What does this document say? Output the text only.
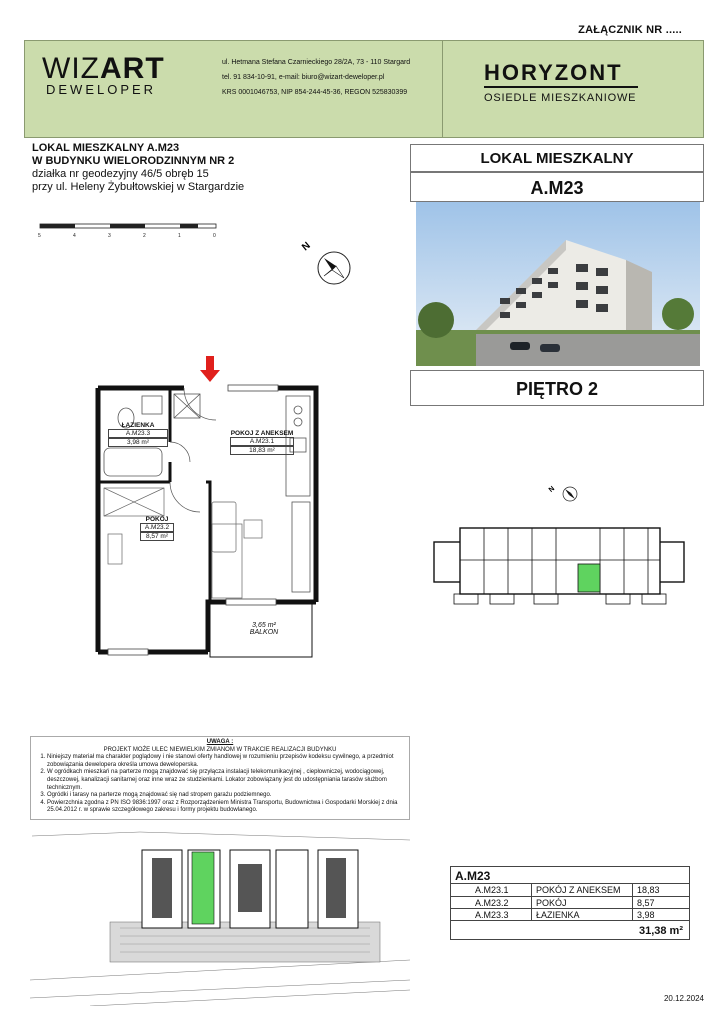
ZAŁĄCZNIK NR .....
WIZART
DEWELOPER
ul. Hetmana Stefana Czarnieckiego 28/2A, 73 - 110 Stargard
tel. 91 834-10-91, e-mail: biuro@wizart-deweloper.pl
KRS 0001046753, NIP 854-244-45-36, REGON 525830399
HORYZONT
OSIEDLE MIESZKANIOWE
LOKAL MIESZKALNY A.M23
W BUDYNKU WIELORODZINNYM NR 2
działka nr geodezyjny 46/5 obręb 15
przy ul. Heleny Żybułtowskiej w Stargardzie
5	4	3	2	1	0
N
ŁAZIENKA
A.M23.3
3,98 m²
POKÓJ Z ANEKSEM
A.M23.1
18,83 m²
POKÓJ
A.M23.2
8,57 m²
3,65 m²
BALKON
LOKAL MIESZKALNY
A.M23
PIĘTRO 2
N
UWAGA :
PROJEKT MOŻE ULEC NIEWIELKIM ZMIANOM W TRAKCIE REALIZACJI BUDYNKU
1. Niniejszy materiał ma charakter poglądowy i nie stanowi oferty handlowej w rozumieniu przepisów kodeksu cywilnego, a przedmiot zobowiązania dewelopera określa umowa deweloperska.
2. W ogródkach mieszkań na parterze mogą znajdować się przyłącza instalacji telekomunikacyjnej , ciepłowniczej, wodociągowej, deszczowej, kanalizacji sanitarnej oraz inne wraz ze studzienkami. Lokator zobowiązany jest do udostępniania tarasów służbom technicznym.
3. Ogródki i tarasy na parterze mogą znajdować się nad stropem garażu podziemnego.
4. Powierzchnia zgodna z PN ISO 9836:1997 oraz z Rozporządzeniem Ministra Transportu, Budownictwa i Gospodarki Morskiej z dnia 25.04.2012 r. w sprawie szczegółowego zakresu i formy projektu budowlanego.
A.M23
A.M23.1	POKÓJ Z ANEKSEM	18,83
A.M23.2	POKÓJ	8,57
A.M23.3	ŁAZIENKA	3,98
31,38 m²
20.12.2024
